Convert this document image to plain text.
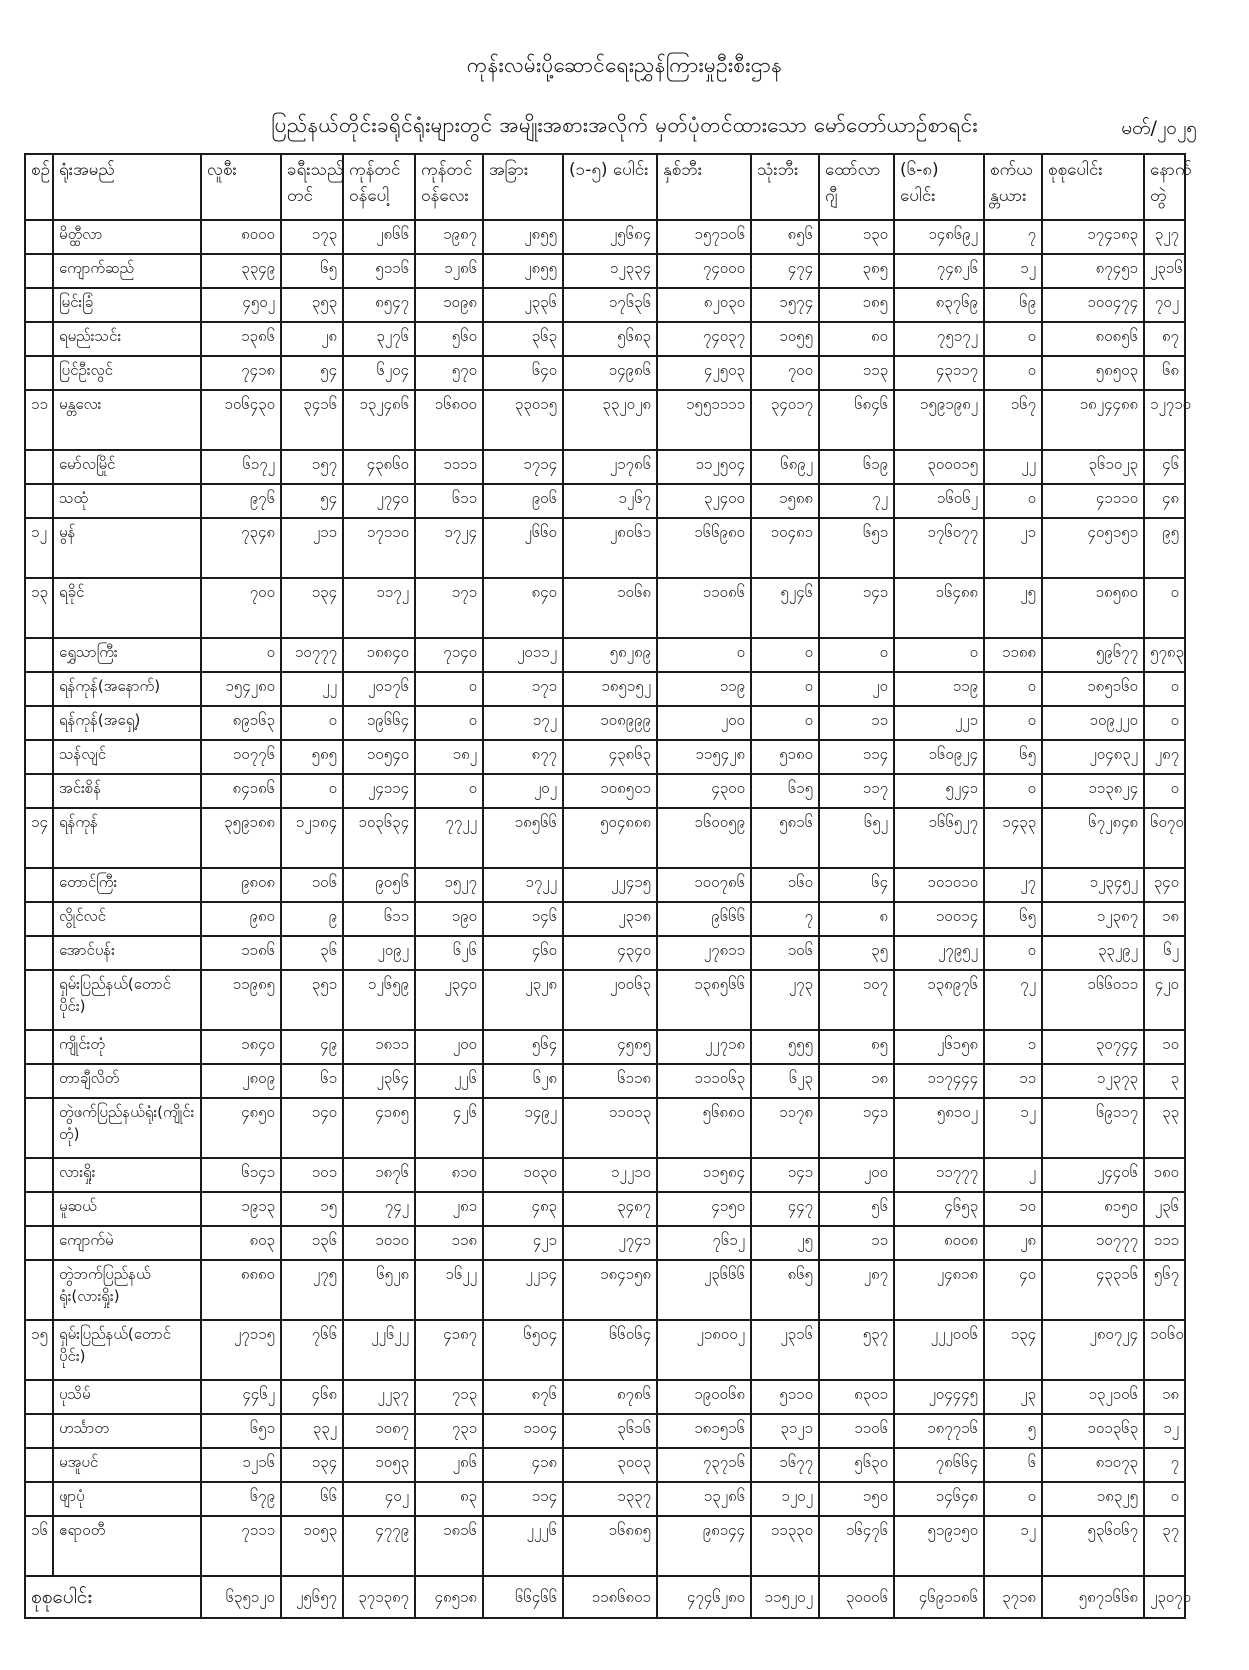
ကုန်းလမ်းပို့ဆောင်ရေးညွှန်ကြားမှုဦးစီးဌာန
ပြည်နယ်တိုင်းခရိုင်ရုံးများတွင် အမျိုးအစားအလိုက် မှတ်ပုံတင်ထားသော မော်တော်ယာဉ်စာရင်း	မတ်/၂၀၂၅
စဉ်	ရုံးအမည်	လူစီး	ခရီးသည်တင်	ကုန်တင်ဝန်ပေါ့	ကုန်တင်ဝန်လေး	အခြား	(၁-၅) ပေါင်း	နှစ်ဘီး	သုံးဘီး	ထော်လာဂျီ	(၆-၈) ပေါင်း	စက်ယန္တယား	စုစုပေါင်း	နောက်တွဲ
	မိတ္ထီလာ	၈၀၀၀	၁၇၃	၂၈၆၆	၁၉၈၇	၂၈၅၅	၂၅၆၈၄	၁၅၇၁၀၆	၈၅၆	၁၃၀	၁၄၈၆၉၂	၇	၁၇၄၁၈၃	၃၂၇
	ကျောက်ဆည်	၃၃၄၉	၆၅	၅၁၁၆	၁၂၈၆	၂၈၅၅	၁၂၃၃၄	၇၄၀၀၀	၄၇၄	၃၈၅	၇၄၈၂၆	၁၂	၈၇၄၅၁	၂၃၁၆
	မြင်းခြံ	၄၅၀၂	၃၅၃	၈၅၄၇	၁၀၉၈	၂၃၃၆	၁၇၆၃၆	၈၂၀၃၀	၁၅၇၄	၁၈၅	၈၃၇၆၉	၆၉	၁၀၀၄၇၄	၇၀၂
	ရမည်းသင်း	၁၃၈၆	၂၈	၃၂၇၆	၅၆၀	၃၆၃	၅၆၈၃	၇၄၀၃၇	၁၀၅၅	၈၀	၇၅၁၇၂	၀	၈၀၈၅၆	၈၇
	ပြင်ဦးလွင်	၇၄၁၈	၅၄	၆၂၀၄	၅၇၀	၆၄၀	၁၄၉၈၆	၄၂၅၀၃	၇၀၀	၁၁၃	၄၃၁၁၇	၀	၅၈၅၀၃	၆၈
၁၁	မန္တလေး	၁၀၆၄၃၀	၃၄၁၆	၁၃၂၄၈၆	၁၆၈၀၀	၃၃၀၁၅	၃၃၂၀၂၈	၁၅၅၁၁၁၁	၃၄၀၁၇	၆၈၄၆	၁၅၉၁၉၈၂	၁၆၇	၁၈၂၄၄၈၈	၁၂၇၁၀
	မော်လမြိုင်	၆၁၇၂	၁၅၇	၄၃၈၆၀	၁၁၁၁	၁၇၁၄	၂၁၇၈၆	၁၁၂၅၀၄	၆၈၉၂	၆၁၉	၃၀၀၀၁၅	၂၂	၃၆၁၀၂၃	၄၆
	သထုံ	၉၇၆	၅၄	၂၇၄၀	၆၁၁	၉၀၆	၁၂၆၇	၃၂၄၀၀	၁၅၈၈	၇၂	၁၆၀၆၂	၀	၄၁၁၁၀	၄၈
၁၂	မွန်	၇၃၄၈	၂၁၁	၁၇၁၁၀	၁၇၂၄	၂၆၆၀	၂၈၀၆၁	၁၆၆၉၈၀	၁၀၄၈၁	၆၅၁	၁၇၆၀၇၇	၂၁	၄၀၅၁၅၁	၉၅
၁၃	ရခိုင်	၇၀၀	၁၃၄	၁၁၇၂	၁၇၁	၈၄၀	၁၀၆၈	၁၁၀၈၆	၅၂၄၆	၁၄၁	၁၆၄၈၈	၂၅	၁၈၅၈၀	၀
	ရွှေသာကြီး	၀	၁၀၇၇၇	၁၈၈၄၀	၇၁၄၀	၂၀၁၁၂	၅၈၂၈၉	၀	၀	၀	၀	၁၁၈၈	၅၉၆၇၇	၅၇၈၃
	ရန်ကုန်(အနောက်)	၁၅၄၂၈၀	၂၂	၂၀၁၇၆	၀	၁၇၁	၁၈၅၁၅၂	၁၁၉	၀	၂၀	၁၁၉	၀	၁၈၅၁၆၀	၀
	ရန်ကုန်(အရှေ့)	၈၉၁၆၃	၀	၁၉၆၆၄	၀	၁၇၂	၁၀၈၉၉၉	၂၀၀	၀	၁၁	၂၂၁	၀	၁၀၉၂၂၀	၀
	သန်လျင်	၁၀၇၇၆	၅၈၅	၁၀၅၄၀	၁၈၂	၈၇၇	၄၃၈၆၃	၁၁၅၄၂၈	၅၁၈၀	၁၁၄	၁၆၀၉၂၄	၆၅	၂၀၄၈၃၂	၂၈၇
	အင်းစိန်	၈၄၁၈၆	၀	၂၄၁၁၄	၀	၂၀၂	၁၀၈၅၀၁	၄၃၀၀	၆၁၅	၁၁၇	၅၂၄၁	၀	၁၁၃၈၂၄	၀
၁၄	ရန်ကုန်	၃၅၉၁၈၈	၁၂၁၈၄	၁၀၃၆၃၄	၇၇၂၂	၁၈၅၆၆	၅၀၄၈၈၈	၁၆၀၀၅၉	၅၈၁၆	၆၅၂	၁၆၆၅၂၇	၁၄၃၃	၆၇၂၈၄၈	၆၀၇၀
	တောင်ကြီး	၉၈၀၈	၁၀၆	၉၀၅၆	၁၅၂၇	၁၇၂၂	၂၂၄၁၅	၁၀၀၇၈၆	၁၆၀	၆၄	၁၀၁၀၁၀	၂၇	၁၂၃၄၅၂	၃၄၀
	လွိုင်လင်	၉၈၀	၉	၆၁၁	၁၉၀	၁၄၆	၂၃၁၈	၉၆၆၆	၇	၈	၁၀၀၁၄	၆၅	၁၂၃၈၇	၁၈
	အောင်ပန်း	၁၁၈၆	၃၆	၂၀၉၂	၆၂၆	၄၆၀	၄၃၄၀	၂၇၈၁၁	၁၀၆	၃၅	၂၇၉၅၂	၀	၃၃၂၉၂	၆၂
	ရှမ်းပြည်နယ်(တောင်ပိုင်း)	၁၁၉၈၅	၃၅၁	၁၂၆၅၉	၂၃၄၀	၂၃၂၈	၂၀၀၆၃	၁၃၈၅၆၆	၂၇၃	၁၀၇	၁၃၈၉၇၆	၇၂	၁၆၆၀၁၁	၄၂၀
	ကျိုင်းတုံ	၁၈၄၀	၄၉	၁၈၁၁	၂၀၀	၅၆၄	၄၅၈၅	၂၂၇၁၈	၅၅၅	၈၅	၂၆၁၅၈	၁	၃၀၇၄၄	၁၀
	တာချီလိတ်	၂၈၀၉	၆၁	၂၃၆၄	၂၂၆	၆၂၈	၆၁၁၈	၁၁၁၀၆၃	၆၂၃	၁၈	၁၁၇၄၄၄	၁၁	၁၂၃၇၃	၃
	တွဲဖက်ပြည်နယ်ရုံး(ကျိုင်းတုံ)	၄၈၅၀	၁၄၀	၄၁၈၅	၄၂၆	၁၄၉၂	၁၁၀၁၃	၅၆၈၈၀	၁၁၇၈	၁၄၁	၅၈၁၀၂	၁၂	၆၉၁၁၇	၃၃
	လားရှိုး	၆၁၄၁	၁၀၁	၁၈၇၆	၈၁၀	၁၀၃၀	၁၂၂၁၀	၁၁၅၈၄	၁၄၁	၂၀၀	၁၁၇၇၇	၂	၂၄၄၀၆	၁၈၀
	မူဆယ်	၁၉၁၃	၁၅	၇၄၂	၂၈၁	၄၈၃	၃၄၈၇	၄၁၅၀	၄၄၇	၅၆	၄၆၅၃	၁၀	၈၁၅၀	၂၃၆
	ကျောက်မဲ	၈၀၃	၁၃၆	၁၀၁၀	၁၁၈	၄၂၁	၂၇၄၁	၇၆၁၂	၂၅	၁၁	၈၀၀၈	၂၈	၁၀၇၇၇	၁၁၁
	တွဲဘက်ပြည်နယ်ရုံး(လားရှိုး)	၈၈၈၀	၂၇၅	၆၅၂၈	၁၆၂၂	၂၂၁၄	၁၈၄၁၅၈	၂၃၆၆၆	၈၆၅	၂၈၇	၂၄၈၁၈	၄၀	၄၃၃၁၆	၅၆၇
၁၅	ရှမ်းပြည်နယ်(တောင်ပိုင်း)	၂၇၁၁၅	၇၆၆	၂၂၆၂၂	၄၁၈၇	၆၅၀၄	၆၆၀၆၄	၂၁၈၀၀၂	၂၃၁၆	၅၃၇	၂၂၂၀၀၆	၁၃၄	၂၈၀၇၂၄	၁၀၆၀
	ပုသိမ်	၄၄၆၂	၄၆၈	၂၂၃၇	၇၁၃	၈၇၆	၈၇၈၆	၁၉၀၀၆၈	၅၁၁၀	၈၃၀၁	၂၀၄၄၄၅	၂၃	၁၃၂၁၀၆	၁၈
	ဟင်္သာတ	၆၅၁	၃၃၂	၁၀၈၇	၇၃၁	၁၁၀၄	၃၆၁၆	၁၈၁၅၁၆	၃၁၂၁	၁၁၀၆	၁၈၇၇၁၆	၅	၁၀၁၃၆၃	၁၂
	မအူပင်	၁၂၁၆	၁၃၄	၁၀၅၃	၂၈၆	၄၁၈	၃၀၀၃	၇၃၇၁၆	၁၆၇၇	၅၆၃၀	၇၈၆၆၄	၆	၈၁၀၇၃	၇
	ဖျာပုံ	၆၇၉	၆၆	၄၀၂	၈၃	၁၁၄	၁၃၃၇	၁၃၂၈၆	၁၂၀၂	၁၅၀	၁၄၆၄၈	၀	၁၈၃၂၅	၀
၁၆	ဧရာဝတီ	၇၁၁၁	၁၀၅၃	၄၇၇၉	၁၈၁၆	၂၂၂၆	၁၆၈၈၅	၉၈၁၄၄	၁၁၃၃၀	၁၆၄၇၆	၅၁၉၁၅၀	၁၂	၅၃၆၀၆၇	၃၇
စုစုပေါင်း		၆၃၅၁၂၀	၂၅၆၅၇	၃၇၁၃၈၇	၄၈၅၁၈	၆၆၄၆၆	၁၁၈၆၈၀၁	၄၇၄၆၂၈၀	၁၁၅၂၀၂	၃၀၀၀၆	၄၆၉၁၁၈၆	၃၇၁၈	၅၈၇၁၆၆၈	၂၃၀၇၁
